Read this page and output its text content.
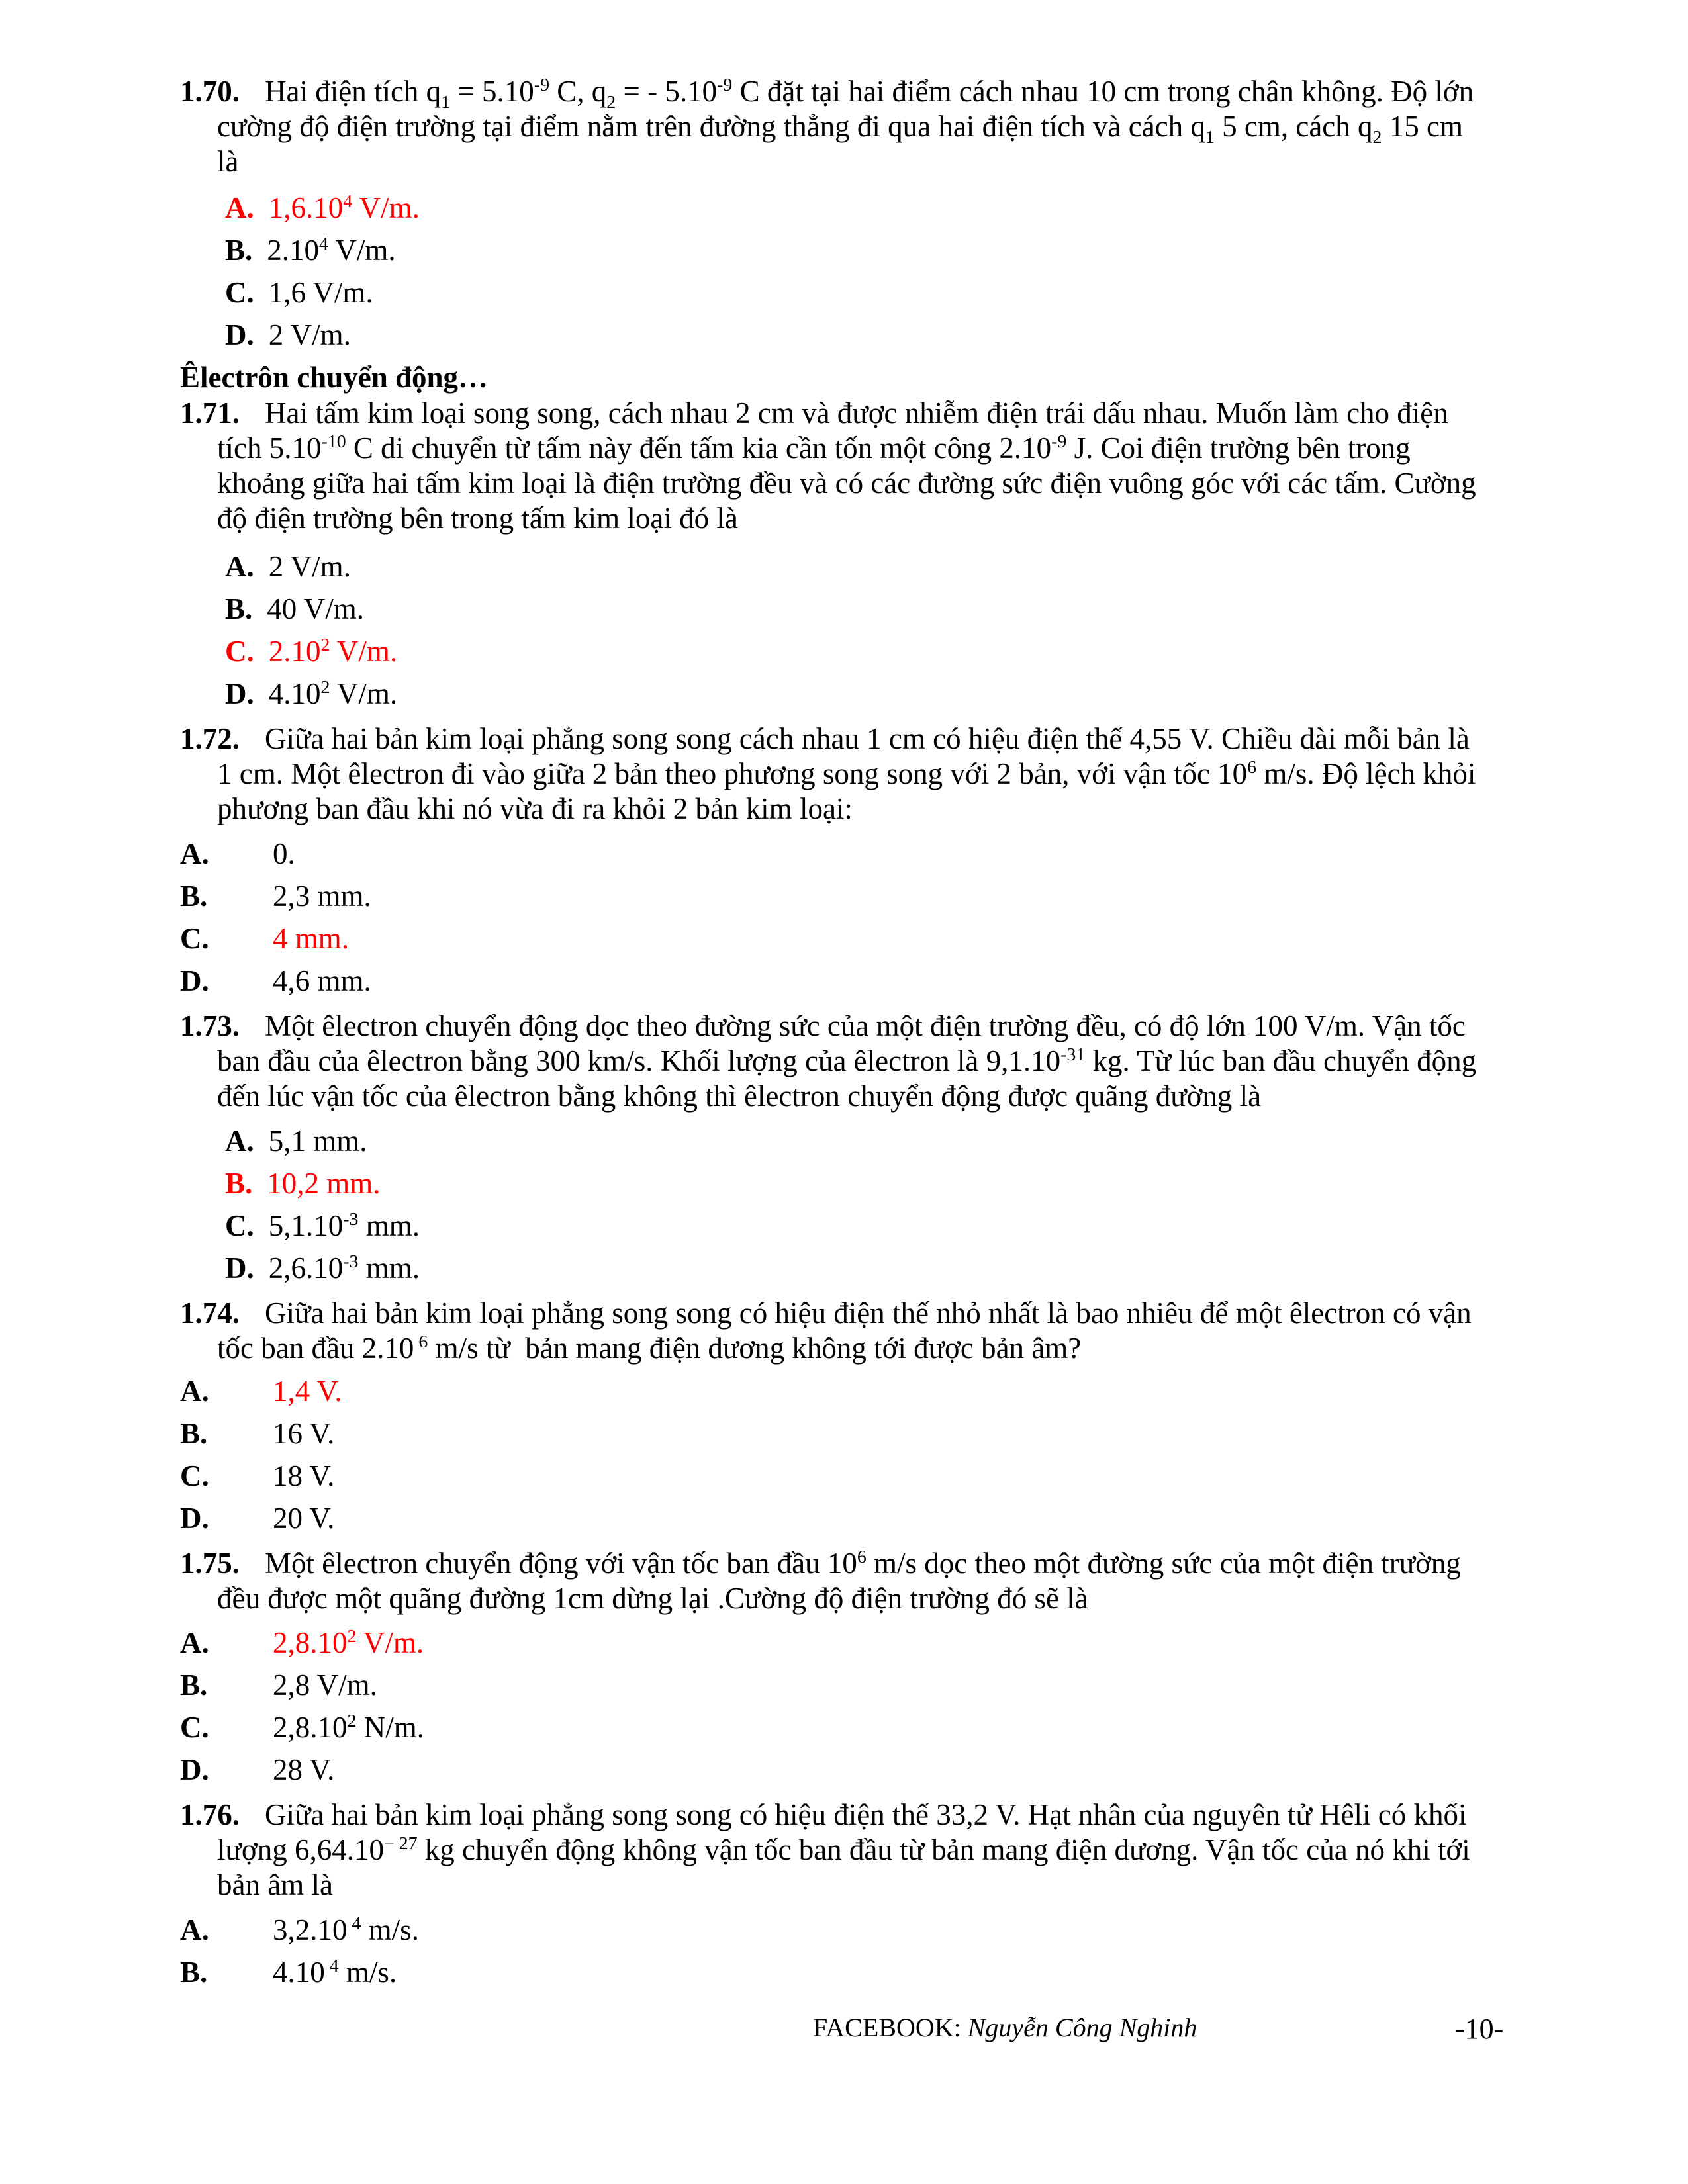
1.70. Hai điện tích $q_1 = 5.10^{-9}$ C, $q_2$ = - $5.10^{-9}$ C đặt tại hai điểm cách nhau 10 cm trong chân không. Độ lớn
cường độ điện trường tại điểm nằm trên đường thẳng đi qua hai điện tích và cách $q_1$ 5 cm, cách $q_2$ 15 cm
là
A. 1,6.10$^4$ V/m.
B. 2.10$^4$ V/m.
C. 1,6 V/m.
D. 2 V/m.
Êlectrôn chuyển động…
1.71. Hai tấm kim loại song song, cách nhau 2 cm và được nhiễm điện trái dấu nhau. Muốn làm cho điện
tích $5.10^{-10}$ C di chuyển từ tấm này đến tấm kia cần tốn một công $2.10^{-9}$ J. Coi điện trường bên trong
khoảng giữa hai tấm kim loại là điện trường đều và có các đường sức điện vuông góc với các tấm. Cường
độ điện trường bên trong tấm kim loại đó là
A. 2 V/m.
B. 40 V/m.
C. 2.10$^2$ V/m.
D. 4.10$^2$ V/m.
1.72. Giữa hai bản kim loại phẳng song song cách nhau 1 cm có hiệu điện thế 4,55 V. Chiều dài mỗi bản là
1 cm. Một êlectron đi vào giữa 2 bản theo phương song song với 2 bản, với vận tốc $10^6$ m/s. Độ lệch khỏi
phương ban đầu khi nó vừa đi ra khỏi 2 bản kim loại:
A. 0.
B. 2,3 mm.
C. 4 mm.
D. 4,6 mm.
1.73. Một êlectron chuyển động dọc theo đường sức của một điện trường đều, có độ lớn 100 V/m. Vận tốc
ban đầu của êlectron bằng 300 km/s. Khối lượng của êlectron là $9,1.10^{-31}$ kg. Từ lúc ban đầu chuyển động
đến lúc vận tốc của êlectron bằng không thì êlectron chuyển động được quãng đường là
A. 5,1 mm.
B. 10,2 mm.
C. $5,1.10^{-3}$ mm.
D. $2,6.10^{-3}$ mm.
1.74. Giữa hai bản kim loại phẳng song song có hiệu điện thế nhỏ nhất là bao nhiêu để một êlectron có vận
tốc ban đầu 2.10 $^6$ m/s từ  bản mang điện dương không tới được bản âm?
A. 1,4 V.
B. 16 V.
C. 18 V.
D. 20 V.
1.75. Một êlectron chuyển động với vận tốc ban đầu $10^6$ m/s dọc theo một đường sức của một điện trường
đều được một quãng đường 1cm dừng lại .Cường độ điện trường đó sẽ là
A. 2,8.10$^2$ V/m.
B. 2,8 V/m.
C. 2,8.10$^2$ N/m.
D. 28 V.
1.76. Giữa hai bản kim loại phẳng song song có hiệu điện thế 33,2 V. Hạt nhân của nguyên tử Hêli có khối
lượng $6,64.10^{- 27}$ kg chuyển động không vận tốc ban đầu từ bản mang điện dương. Vận tốc của nó khi tới
bản âm là
A. 3,2.10 $^4$ m/s.
B. 4.10 $^4$ m/s.
FACEBOOK: Nguyễn Công Nghinh	-10-
